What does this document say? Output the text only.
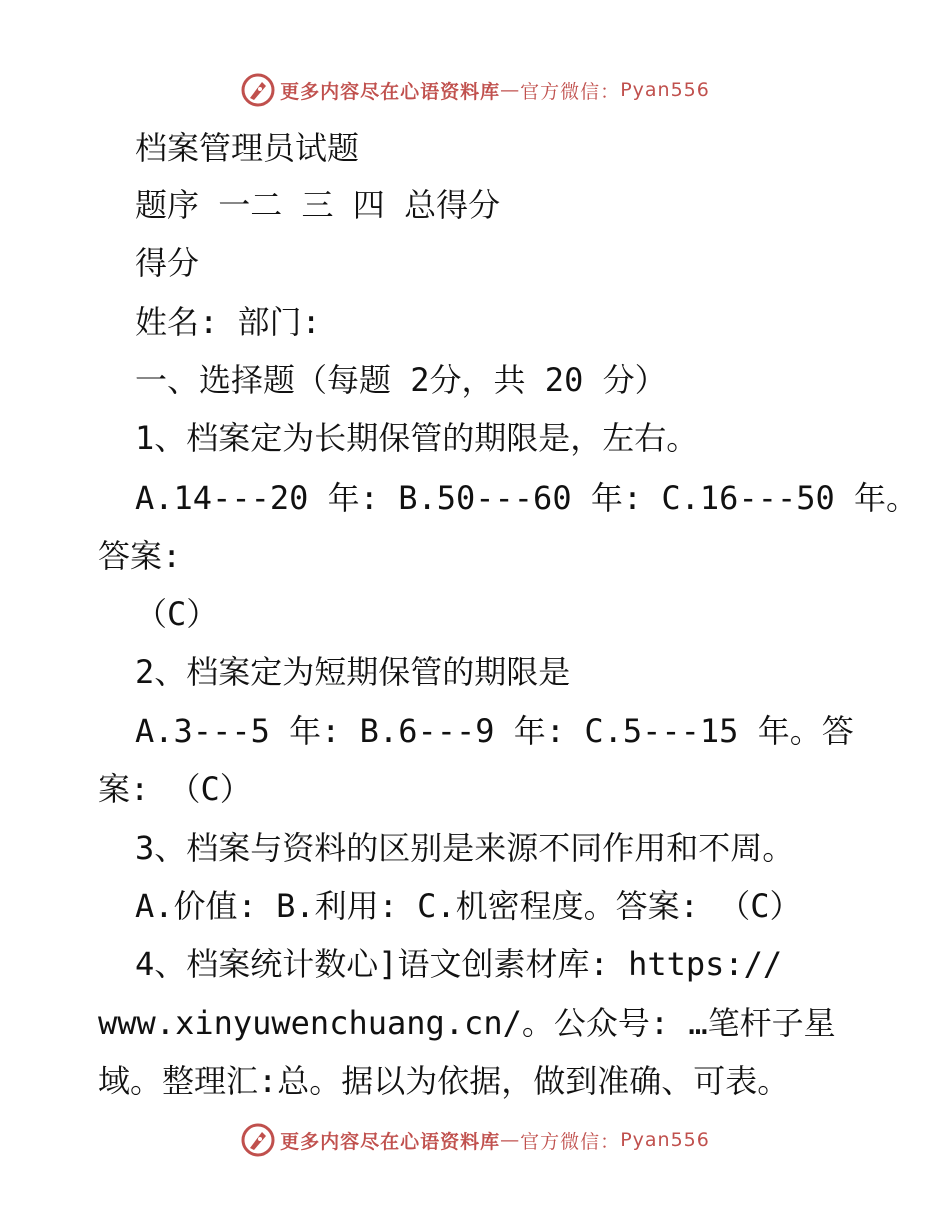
更多内容尽在心语资料库 — 官方微信： Pyan556
档案管理员试题
题序 一二 三 四 总得分
得分
姓名: 部门:
一、选择题（每题 2分，共 20 分）
1、档案定为长期保管的期限是，左右。
A.14---20 年: B.50---60 年: C.16---50 年。
答案:
（C）
2、档案定为短期保管的期限是
A.3---5 年: B.6---9 年: C.5---15 年。答
案: （C）
3、档案与资料的区别是来源不同作用和不周。
A.价值: B.利用: C.机密程度。答案: （C）
4、档案统计数心]语文创素材库: https://
www.xinyuwenchuang.cn/。公众号: …笔杆子星
域。整理汇:总。据以为依据，做到准确、可表。
更多内容尽在心语资料库 — 官方微信： Pyan556
